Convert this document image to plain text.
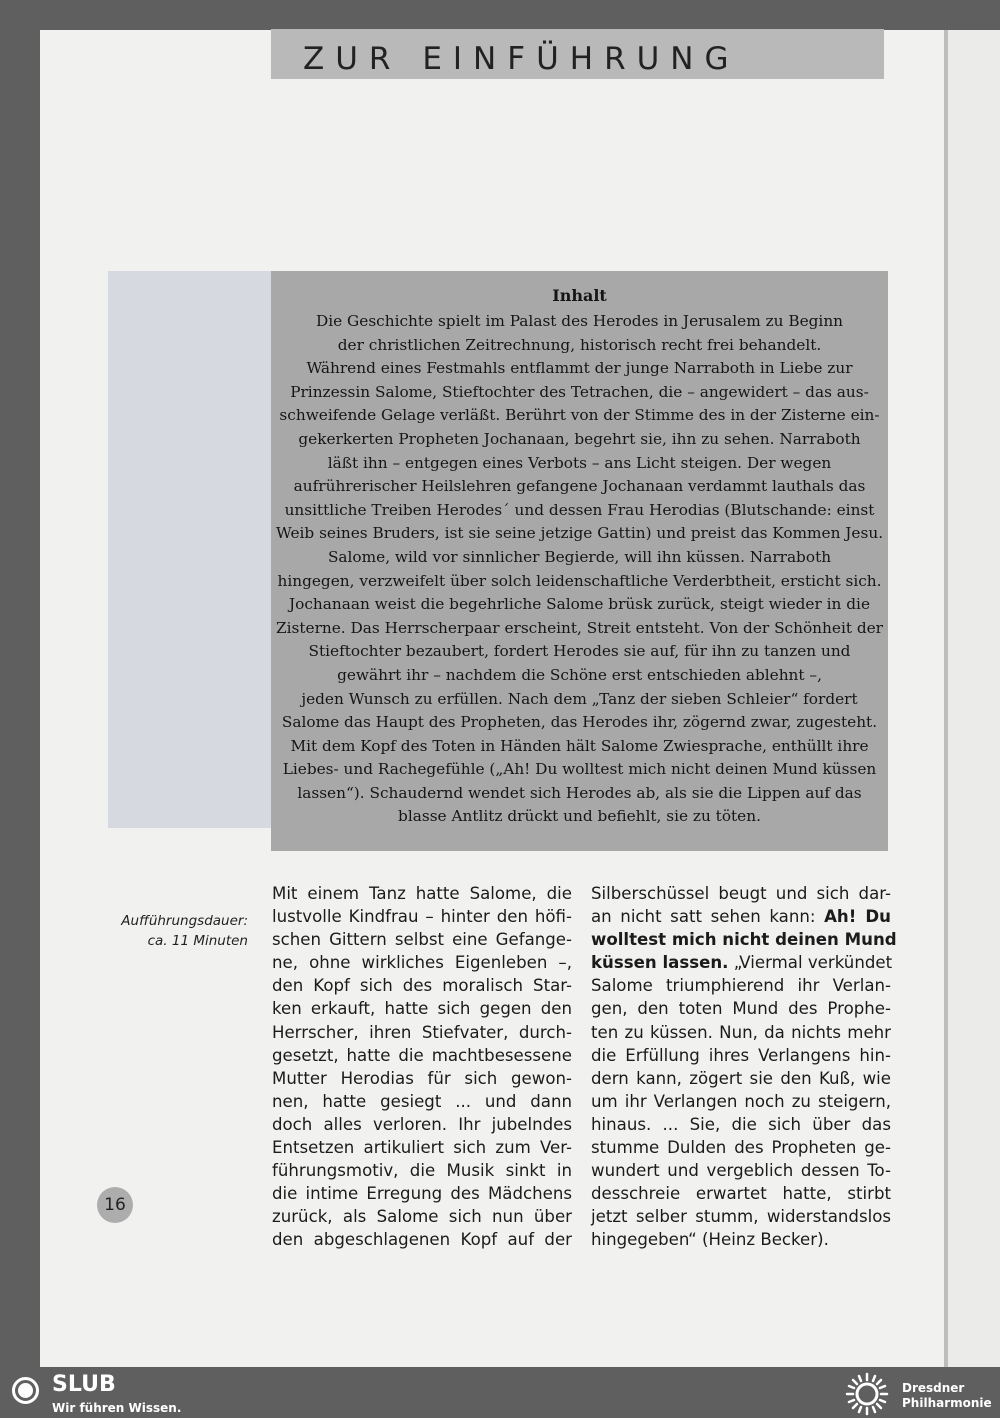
ZUR EINFÜHRUNG
Inhalt
Die Geschichte spielt im Palast des Herodes in Jerusalem zu Beginn
der christlichen Zeitrechnung, historisch recht frei behandelt.
Während eines Festmahls entflammt der junge Narraboth in Liebe zur
Prinzessin Salome, Stieftochter des Tetrachen, die – angewidert – das aus-
schweifende Gelage verläßt. Berührt von der Stimme des in der Zisterne ein-
gekerkerten Propheten Jochanaan, begehrt sie, ihn zu sehen. Narraboth
läßt ihn – entgegen eines Verbots – ans Licht steigen. Der wegen
aufrührerischer Heilslehren gefangene Jochanaan verdammt lauthals das
unsittliche Treiben Herodes´ und dessen Frau Herodias (Blutschande: einst
Weib seines Bruders, ist sie seine jetzige Gattin) und preist das Kommen Jesu.
Salome, wild vor sinnlicher Begierde, will ihn küssen. Narraboth
hingegen, verzweifelt über solch leidenschaftliche Verderbtheit, ersticht sich.
Jochanaan weist die begehrliche Salome brüsk zurück, steigt wieder in die
Zisterne. Das Herrscherpaar erscheint, Streit entsteht. Von der Schönheit der
Stieftochter bezaubert, fordert Herodes sie auf, für ihn zu tanzen und
gewährt ihr – nachdem die Schöne erst entschieden ablehnt –,
jeden Wunsch zu erfüllen. Nach dem „Tanz der sieben Schleier“ fordert
Salome das Haupt des Propheten, das Herodes ihr, zögernd zwar, zugesteht.
Mit dem Kopf des Toten in Händen hält Salome Zwiesprache, enthüllt ihre
Liebes- und Rachegefühle („Ah! Du wolltest mich nicht deinen Mund küssen
lassen“). Schaudernd wendet sich Herodes ab, als sie die Lippen auf das
blasse Antlitz drückt und befiehlt, sie zu töten.
Aufführungsdauer:
ca. 11 Minuten
Mit einem Tanz hatte Salome, die
lustvolle Kindfrau – hinter den höfi-
schen Gittern selbst eine Gefange-
ne, ohne wirkliches Eigenleben –,
den Kopf sich des moralisch Star-
ken erkauft, hatte sich gegen den
Herrscher, ihren Stiefvater, durch-
gesetzt, hatte die machtbesessene
Mutter Herodias für sich gewon-
nen, hatte gesiegt ... und dann
doch alles verloren. Ihr jubelndes
Entsetzen artikuliert sich zum Ver-
führungsmotiv, die Musik sinkt in
die intime Erregung des Mädchens
zurück, als Salome sich nun über
den abgeschlagenen Kopf auf der
Silberschüssel beugt und sich dar-
an nicht satt sehen kann: Ah! Du
wolltest mich nicht deinen Mund
küssen lassen. „Viermal verkündet
Salome triumphierend ihr Verlan-
gen, den toten Mund des Prophe-
ten zu küssen. Nun, da nichts mehr
die Erfüllung ihres Verlangens hin-
dern kann, zögert sie den Kuß, wie
um ihr Verlangen noch zu steigern,
hinaus. ... Sie, die sich über das
stumme Dulden des Propheten ge-
wundert und vergeblich dessen To-
desschreie erwartet hatte, stirbt
jetzt selber stumm, widerstandslos
hingegeben“ (Heinz Becker).
16
SLUB
Wir führen Wissen.
Dresdner
Philharmonie
